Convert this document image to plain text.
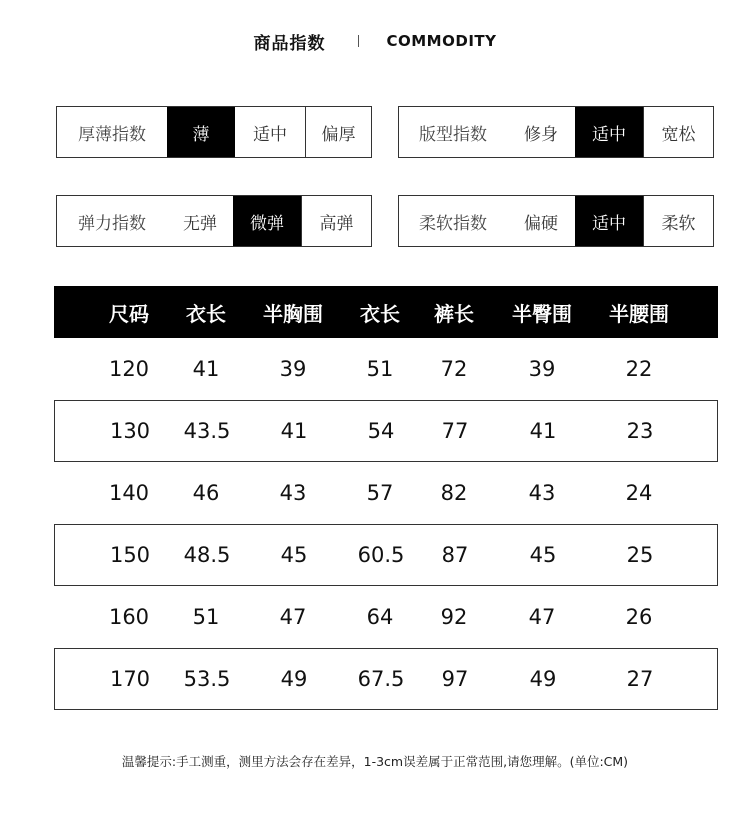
商品指数	COMMODITY
厚薄指数	薄	适中	偏厚	版型指数	修身	适中	宽松
弹力指数	无弹	微弹	高弹	柔软指数	偏硬	适中	柔软
尺码	衣长	半胸围	衣长	裤长	半臀围	半腰围
120	41	39	51	72	39	22
130	43.5	41	54	77	41	23
140	46	43	57	82	43	24
150	48.5	45	60.5	87	45	25
160	51	47	64	92	47	26
170	53.5	49	67.5	97	49	27
温馨提示:手工测重，测里方法会存在差异，1-3cm误差属于正常范围,请您理解。(单位:CM)
